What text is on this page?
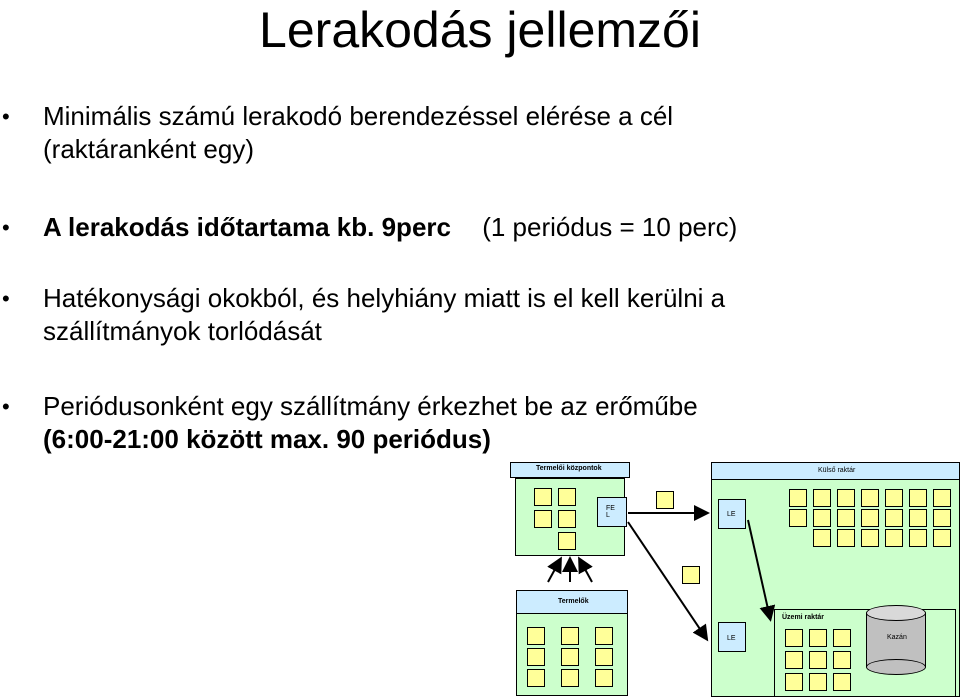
Lerakodás jellemzői
• Minimális számú lerakodó berendezéssel elérése a cél
(raktáranként egy)
• A lerakodás időtartama kb. 9perc (1 periódus = 10 perc)
• Hatékonysági okokból, és helyhiány miatt is el kell kerülni a
szállítmányok torlódását
• Periódusonként egy szállítmány érkezhet be az erőműbe
(6:00-21:00 között max. 90 periódus)
Termelői központok	Külső raktár
Termelők
Üzemi raktár
Kazán
FE
L	LE
LE
